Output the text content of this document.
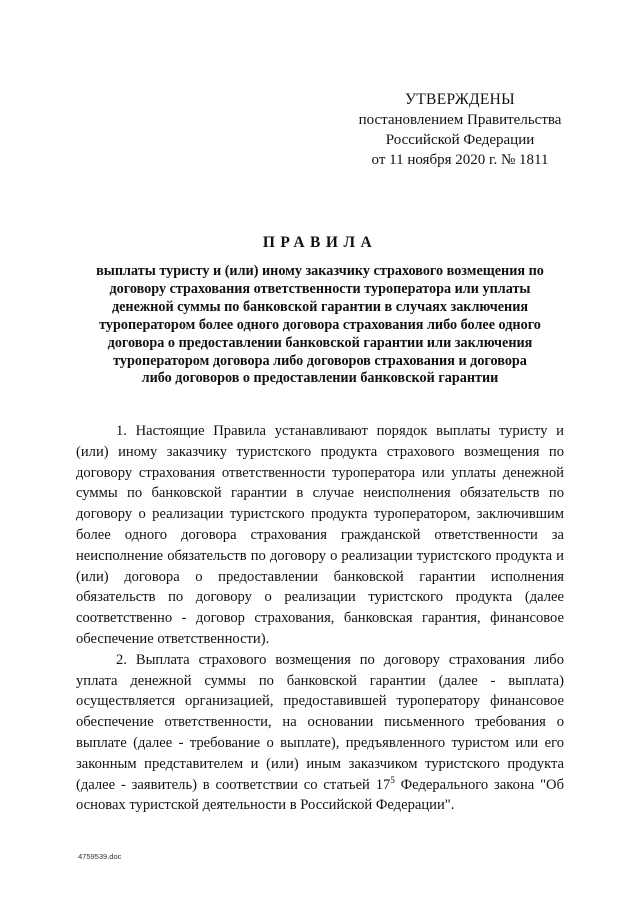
УТВЕРЖДЕНЫ
постановлением Правительства
Российской Федерации
от 11 ноября 2020 г. № 1811
ПРАВИЛА
выплаты туристу и (или) иному заказчику страхового возмещения по
договору страхования ответственности туроператора или уплаты
денежной суммы по банковской гарантии в случаях заключения
туроператором более одного договора страхования либо более одного
договора о предоставлении банковской гарантии или заключения
туроператором договора либо договоров страхования и договора
либо договоров о предоставлении банковской гарантии

1. Настоящие Правила устанавливают порядок выплаты туристу и (или) иному заказчику туристского продукта страхового возмещения по договору страхования ответственности туроператора или уплаты денежной суммы по банковской гарантии в случае неисполнения обязательств по договору о реализации туристского продукта туроператором, заключившим более одного договора страхования гражданской ответственности за неисполнение обязательств по договору о реализации туристского продукта и (или) договора о предоставлении банковской гарантии исполнения обязательств по договору о реализации туристского продукта (далее соответственно - договор страхования, банковская гарантия, финансовое обеспечение ответственности).

2. Выплата страхового возмещения по договору страхования либо уплата денежной суммы по банковской гарантии (далее - выплата) осуществляется организацией, предоставившей туроператору финансовое обеспечение ответственности, на основании письменного требования о выплате (далее - требование о выплате), предъявленного туристом или его законным представителем и (или) иным заказчиком туристского продукта (далее - заявитель) в соответствии со статьей $17^5$ Федерального закона "Об основах туристской деятельности в Российской Федерации".

4759539.doc
